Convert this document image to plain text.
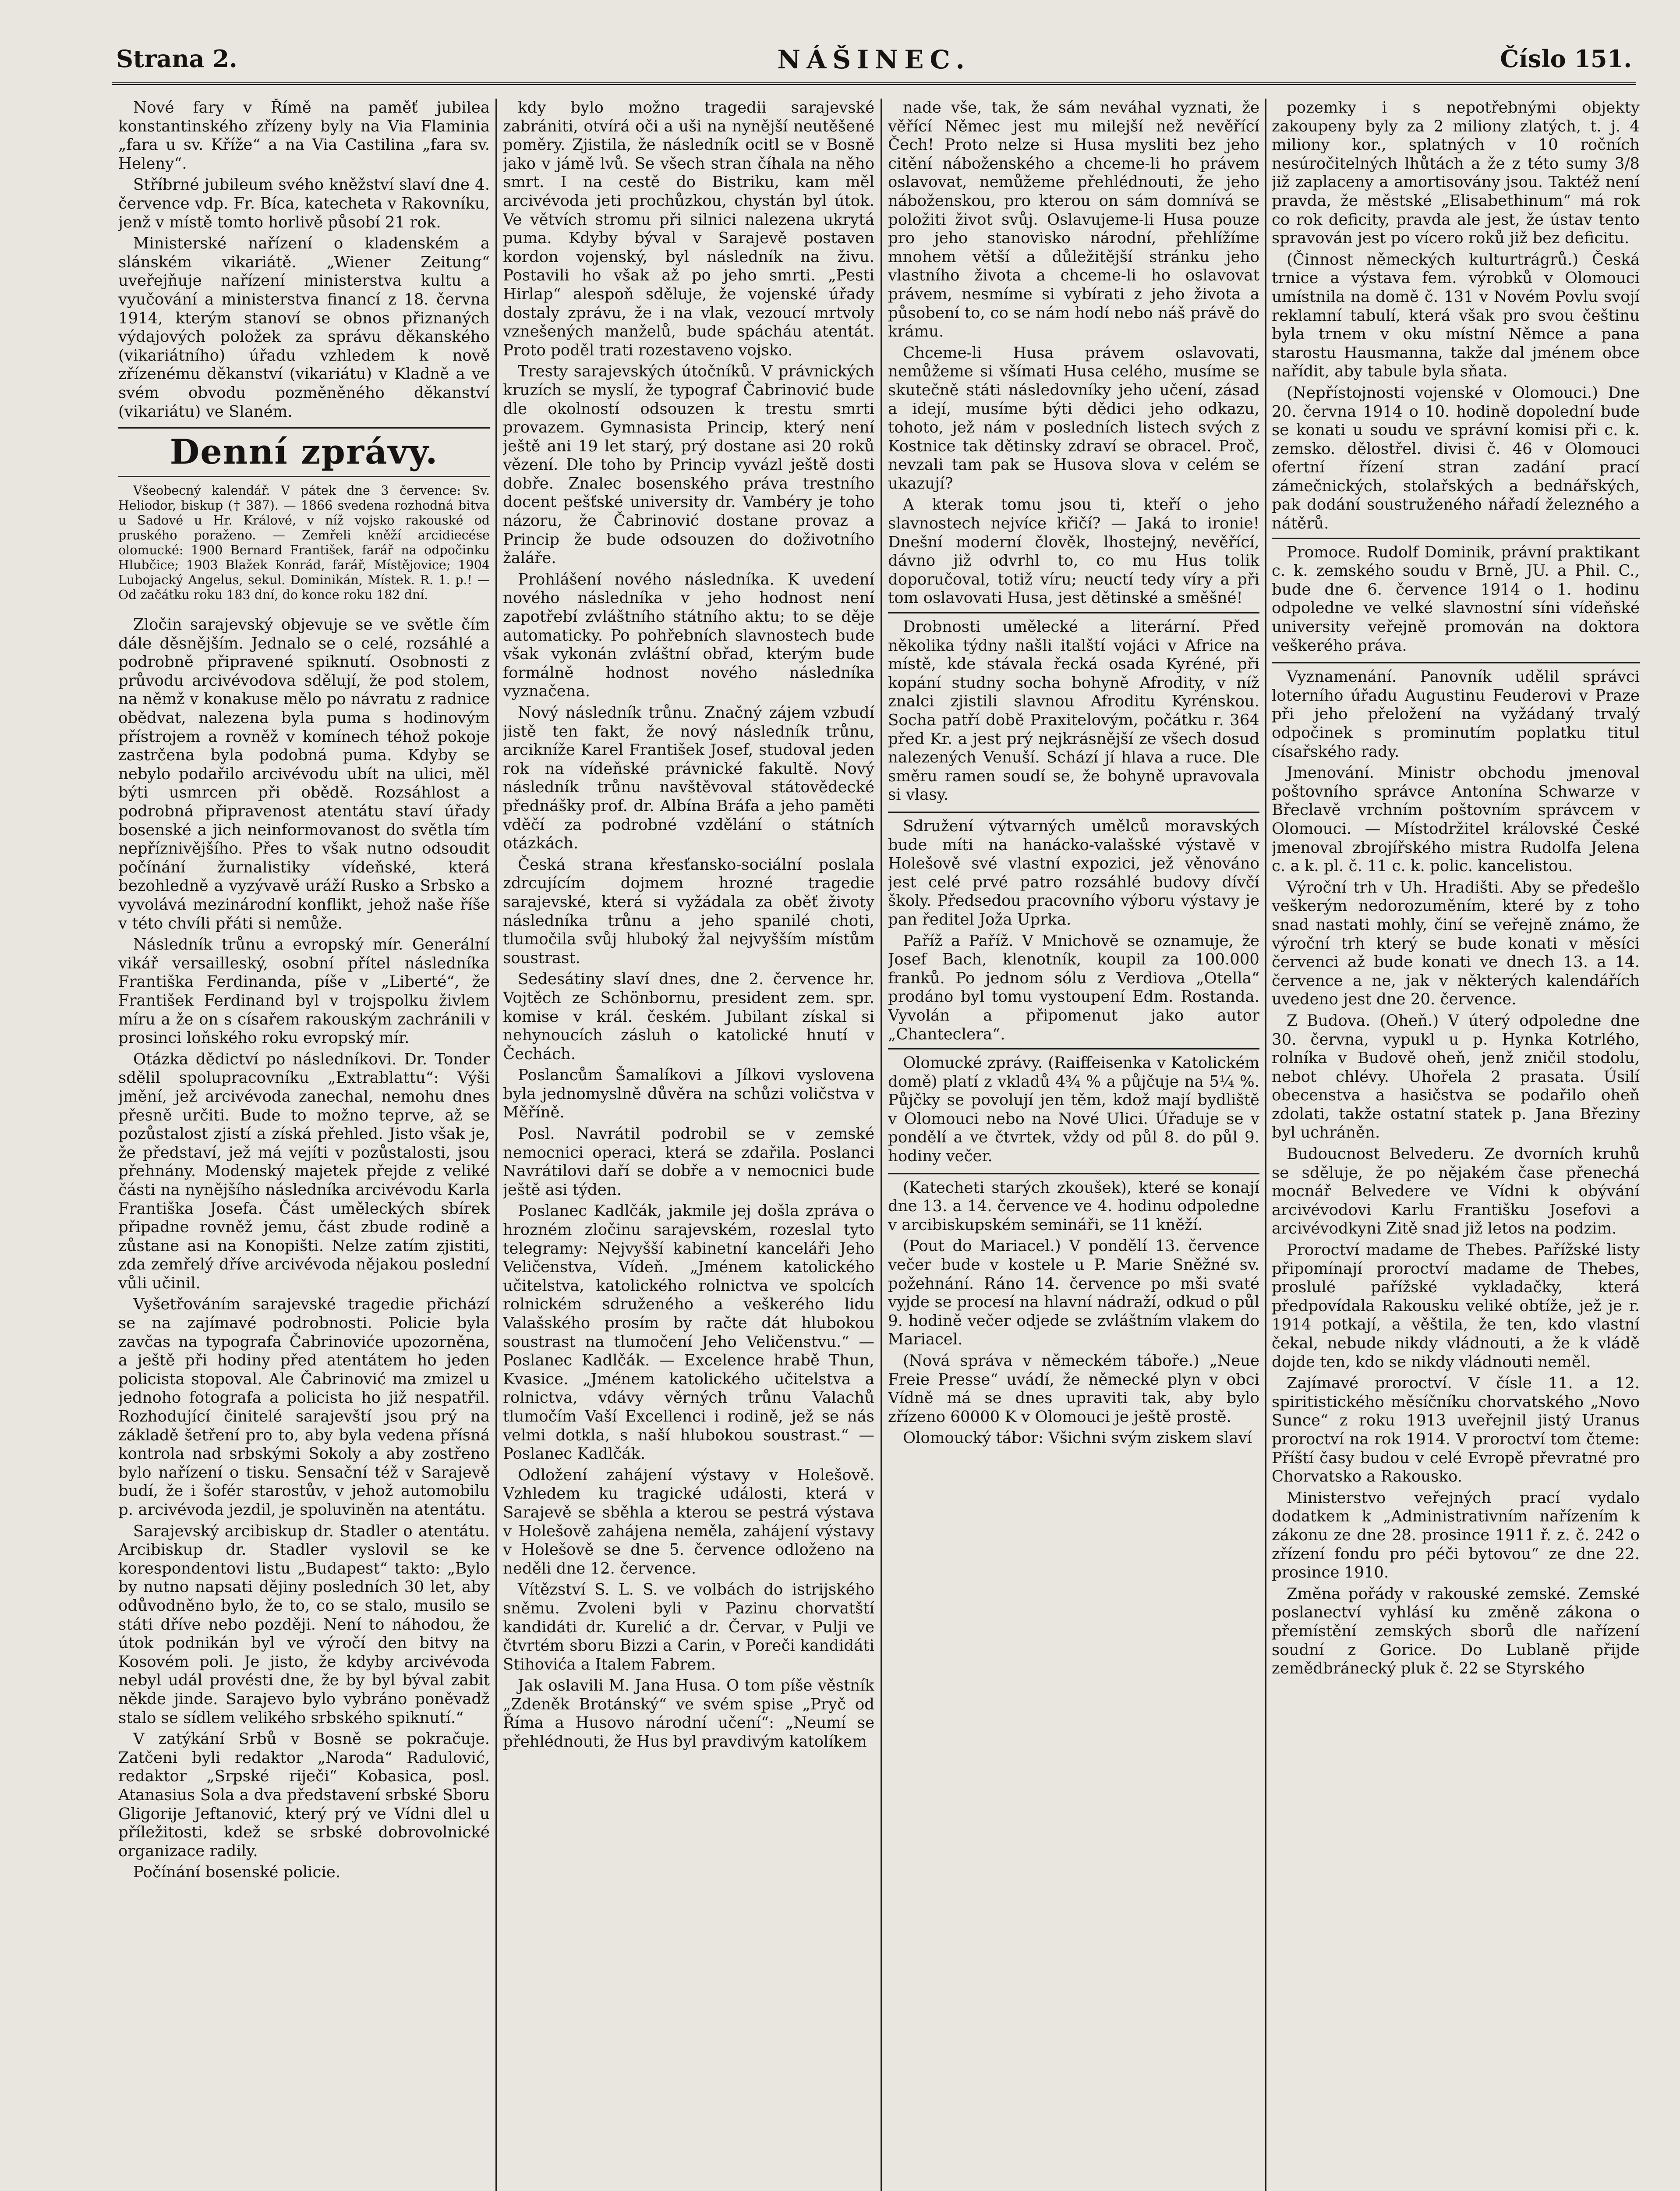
Strana 2.	NÁŠINEC.	Číslo 151.

Nové fary v Římě na paměť jubilea konstantinského zřízeny byly na Via Flaminia „fara u sv. Kříže“ a na Via Castilina „fara sv. Heleny“.

Stříbrné jubileum svého kněžství slaví dne 4. července vdp. Fr. Bíca, katecheta v Rakovníku, jenž v místě tomto horlivě působí 21 rok.

Ministerské nařízení o kladenském a slánském vikariátě. „Wiener Zeitung“ uveřejňuje nařízení ministerstva kultu a vyučování a ministerstva financí z 18. června 1914, kterým stanoví se obnos přiznaných výdajových položek za správu děkanského (vikariátního) úřadu vzhledem k nově zřízenému děkanství (vikariátu) v Kladně a ve svém obvodu pozměněného děkanství (vikariátu) ve Slaném.

Denní zprávy.

Všeobecný kalendář. V pátek dne 3 července: Sv. Heliodor, biskup († 387). — 1866 svedena rozhodná bitva u Sadové u Hr. Králové, v níž vojsko rakouské od pruského poraženo. — Zemřeli kněží arcidiecése olomucké: 1900 Bernard František, farář na odpočinku Hlubčice; 1903 Blažek Konrád, farář, Místějovice; 1904 Lubojacký Angelus, sekul. Dominikán, Místek. R. 1. p.! — Od začátku roku 183 dní, do konce roku 182 dní.

Zločin sarajevský objevuje se ve světle čím dále děsnějším. Jednalo se o celé, rozsáhlé a podrobně připravené spiknutí. Osobnosti z průvodu arcivévodova sdělují, že pod stolem, na němž v konakuse mělo po návratu z radnice obědvat, nalezena byla puma s hodinovým přístrojem a rovněž v komínech téhož pokoje zastrčena byla podobná puma. Kdyby se nebylo podařilo arcivévodu ubít na ulici, měl býti usmrcen při obědě. Rozsáhlost a podrobná připravenost atentátu staví úřady bosenské a jich neinformovanost do světla tím nepříznivějšího. Přes to však nutno odsoudit počínání žurnalistiky vídeňské, která bezohledně a vyzývavě uráží Rusko a Srbsko a vyvolává mezinárodní konflikt, jehož naše říše v této chvíli přáti si nemůže.

Následník trůnu a evropský mír. Generální vikář versailleský, osobní přítel následníka Františka Ferdinanda, píše v „Liberté“, že František Ferdinand byl v trojspolku živlem míru a že on s císařem rakouským zachránili v prosinci loňského roku evropský mír.

Otázka dědictví po následníkovi. Dr. Tonder sdělil spolupracovníku „Extrablattu“: Výši jmění, jež arcivévoda zanechal, nemohu dnes přesně určiti. Bude to možno teprve, až se pozůstalost zjistí a získá přehled. Jisto však je, že představí, jež má vejíti v pozůstalosti, jsou přehnány. Modenský majetek přejde z veliké části na nynějšího následníka arcivévodu Karla Františka Josefa. Část uměleckých sbírek připadne rovněž jemu, část zbude rodině a zůstane asi na Konopišti. Nelze zatím zjistiti, zda zemřelý dříve arcivévoda nějakou poslední vůli učinil.

Vyšetřováním sarajevské tragedie přichází se na zajímavé podrobnosti. Policie byla zavčas na typografa Čabrinoviće upozorněna, a ještě při hodiny před atentátem ho jeden policista stopoval. Ale Čabrinović ma zmizel u jednoho fotografa a policista ho již nespatřil. Rozhodující činitelé sarajevští jsou prý na základě šetření pro to, aby byla vedena přísná kontrola nad srbskými Sokoly a aby zostřeno bylo nařízení o tisku. Sensační též v Sarajevě budí, že i šofér starostův, v jehož automobilu p. arcivévoda jezdil, je spoluviněn na atentátu.

Sarajevský arcibiskup dr. Stadler o atentátu. Arcibiskup dr. Stadler vyslovil se ke korespondentovi listu „Budapest“ takto: „Bylo by nutno napsati dějiny posledních 30 let, aby odůvodněno bylo, že to, co se stalo, musilo se státi dříve nebo později. Není to náhodou, že útok podnikán byl ve výročí den bitvy na Kosovém poli. Je jisto, že kdyby arcivévoda nebyl udál provésti dne, že by byl býval zabit někde jinde. Sarajevo bylo vybráno poněvadž stalo se sídlem velikého srbského spiknutí.“

V zatýkání Srbů v Bosně se pokračuje. Zatčeni byli redaktor „Naroda“ Radulović, redaktor „Srpské riječi“ Kobasica, posl. Atanasius Sola a dva představení srbské Sboru Gligorije Jeftanović, který prý ve Vídni dlel u příležitosti, kdež se srbské dobrovolnické organizace radily.

Počínání bosenské policie.

kdy bylo možno tragedii sarajevské zabrániti, otvírá oči a uši na nynější neutěšené poměry. Zjistila, že následník ocitl se v Bosně jako v jámě lvů. Se všech stran číhala na něho smrt. I na cestě do Bistriku, kam měl arcivévoda jeti prochůzkou, chystán byl útok. Ve větvích stromu při silnici nalezena ukrytá puma. Kdyby býval v Sarajevě postaven kordon vojenský, byl následník na živu. Postavili ho však až po jeho smrti. „Pesti Hirlap“ alespoň sděluje, že vojenské úřady dostaly zprávu, že i na vlak, vezoucí mrtvoly vznešených manželů, bude spácháu atentát. Proto poděl trati rozestaveno vojsko.

Tresty sarajevských útočníků. V právnických kruzích se myslí, že typograf Čabrinović bude dle okolností odsouzen k trestu smrti provazem. Gymnasista Princip, který není ještě ani 19 let starý, prý dostane asi 20 roků vězení. Dle toho by Princip vyvázl ještě dosti dobře. Znalec bosenského práva trestního docent pešťské university dr. Vambéry je toho názoru, že Čabrinović dostane provaz a Princip že bude odsouzen do doživotního žaláře.

Prohlášení nového následníka. K uvedení nového následníka v jeho hodnost není zapotřebí zvláštního státního aktu; to se děje automaticky. Po pohřebních slavnostech bude však vykonán zvláštní obřad, kterým bude formálně hodnost nového následníka vyznačena.

Nový následník trůnu. Značný zájem vzbudí jistě ten fakt, že nový následník trůnu, arcikníže Karel František Josef, studoval jeden rok na vídeňské právnické fakultě. Nový následník trůnu navštěvoval státovědecké přednášky prof. dr. Albína Bráfa a jeho paměti vděčí za podrobné vzdělání o státních otázkách.

Česká strana křesťansko-sociální poslala zdrcujícím dojmem hrozné tragedie sarajevské, která si vyžádala za oběť životy následníka trůnu a jeho spanilé choti, tlumočila svůj hluboký žal nejvyšším místům soustrast.

Sedesátiny slaví dnes, dne 2. července hr. Vojtěch ze Schönbornu, president zem. spr. komise v král. českém. Jubilant získal si nehynoucích zásluh o katolické hnutí v Čechách.

Poslancům Šamalíkovi a Jílkovi vyslovena byla jednomyslně důvěra na schůzi voličstva v Měříně.

Posl. Navrátil podrobil se v zemské nemocnici operaci, která se zdařila. Poslanci Navrátilovi daří se dobře a v nemocnici bude ještě asi týden.

Poslanec Kadlčák, jakmile jej došla zpráva o hrozném zločinu sarajevském, rozeslal tyto telegramy: Nejvyšší kabinetní kanceláři Jeho Veličenstva, Vídeň. „Jménem katolického učitelstva, katolického rolnictva ve spolcích rolnickém sdruženého a veškerého lidu Valašského prosím by račte dát hlubokou soustrast na tlumočení Jeho Veličenstvu.“ — Poslanec Kadlčák. — Excelence hrabě Thun, Kvasice. „Jménem katolického učitelstva a rolnictva, vdávy věrných trůnu Valachů tlumočím Vaší Excellenci i rodině, jež se nás velmi dotkla, s naší hlubokou soustrast.“ — Poslanec Kadlčák.

Odložení zahájení výstavy v Holešově. Vzhledem ku tragické události, která v Sarajevě se sběhla a kterou se pestrá výstava v Holešově zahájena neměla, zahájení výstavy v Holešově se dne 5. července odloženo na neděli dne 12. července.

Vítězství S. L. S. ve volbách do istrijského sněmu. Zvoleni byli v Pazinu chorvatští kandidáti dr. Kurelić a dr. Červar, v Pulji ve čtvrtém sboru Bizzi a Carin, v Poreči kandidáti Stihovića a Italem Fabrem.

Jak oslavili M. Jana Husa. O tom píše věstník „Zdeněk Brotánský“ ve svém spise „Pryč od Říma a Husovo národní učení“: „Neumí se přehlédnouti, že Hus byl pravdivým katolíkem

nade vše, tak, že sám neváhal vyznati, že věřící Němec jest mu milejší než nevěřící Čech! Proto nelze si Husa mysliti bez jeho citění náboženského a chceme-li ho právem oslavovat, nemůžeme přehlédnouti, že jeho náboženskou, pro kterou on sám domnívá se položiti život svůj. Oslavujeme-li Husa pouze pro jeho stanovisko národní, přehlížíme mnohem větší a důležitější stránku jeho vlastního života a chceme-li ho oslavovat právem, nesmíme si vybírati z jeho života a působení to, co se nám hodí nebo náš právě do krámu.

Chceme-li Husa právem oslavovati, nemůžeme si všímati Husa celého, musíme se skutečně státi následovníky jeho učení, zásad a idejí, musíme býti dědici jeho odkazu, tohoto, jež nám v posledních listech svých z Kostnice tak dětinsky zdraví se obracel. Proč, nevzali tam pak se Husova slova v celém se ukazují?

A kterak tomu jsou ti, kteří o jeho slavnostech nejvíce křičí? — Jaká to ironie! Dnešní moderní člověk, lhostejný, nevěřící, dávno již odvrhl to, co mu Hus tolik doporučoval, totiž víru; neuctí tedy víry a při tom oslavovati Husa, jest dětinské a směšné!

Drobnosti umělecké a literární. Před několika týdny našli italští vojáci v Africe na místě, kde stávala řecká osada Kyréné, při kopání studny socha bohyně Afrodity, v níž znalci zjistili slavnou Afroditu Kyrénskou. Socha patří době Praxitelovým, počátku r. 364 před Kr. a jest prý nejkrásnější ze všech dosud nalezených Venuší. Schází jí hlava a ruce. Dle směru ramen soudí se, že bohyně upravovala si vlasy.

Sdružení výtvarných umělců moravských bude míti na hanácko-valašské výstavě v Holešově své vlastní expozici, jež věnováno jest celé prvé patro rozsáhlé budovy dívčí školy. Předsedou pracovního výboru výstavy je pan ředitel Joža Uprka.

Paříž a Paříž. V Mnichově se oznamuje, že Josef Bach, klenotník, koupil za 100.000 franků. Po jednom sólu z Verdiova „Otella“ prodáno byl tomu vystoupení Edm. Rostanda. Vyvolán a připomenut jako autor „Chanteclera“.

Olomucké zprávy. (Raiffeisenka v Katolickém domě) platí z vkladů 4¾ % a půjčuje na 5¼ %. Půjčky se povolují jen těm, kdož mají bydliště v Olomouci nebo na Nové Ulici. Úřaduje se v pondělí a ve čtvrtek, vždy od půl 8. do půl 9. hodiny večer.

(Katecheti starých zkoušek), které se konají dne 13. a 14. července ve 4. hodinu odpoledne v arcibiskupském semináři, se 11 kněží.

(Pout do Mariacel.) V pondělí 13. července večer bude v kostele u P. Marie Sněžné sv. požehnání. Ráno 14. července po mši svaté vyjde se procesí na hlavní nádraží, odkud o půl 9. hodině večer odjede se zvláštním vlakem do Mariacel.

(Nová správa v německém táboře.) „Neue Freie Presse“ uvádí, že německé plyn v obci Vídně má se dnes upraviti tak, aby bylo zřízeno 60000 K v Olomouci je ještě prostě.

Olomoucký tábor: Všichni svým ziskem slaví

pozemky i s nepotřebnými objekty zakoupeny byly za 2 miliony zlatých, t. j. 4 miliony kor., splatných v 10 ročních nesúročitelných lhůtách a že z této sumy 3/8 již zaplaceny a amortisovány jsou. Taktéž není pravda, že městské „Elisabethinum“ má rok co rok deficity, pravda ale jest, že ústav tento spravován jest po vícero roků již bez deficitu.

(Činnost německých kulturtrágrů.) Česká trnice a výstava fem. výrobků v Olomouci umístnila na domě č. 131 v Novém Povlu svojí reklamní tabulí, která však pro svou češtinu byla trnem v oku místní Němce a pana starostu Hausmanna, takže dal jménem obce nařídit, aby tabule byla sňata.

(Nepřístojnosti vojenské v Olomouci.) Dne 20. června 1914 o 10. hodině dopolední bude se konati u soudu ve správní komisi při c. k. zemsko. dělostřel. divisi č. 46 v Olomouci ofertní řízení stran zadání prací zámečnických, stolařských a bednářských, pak dodání soustruženého nářadí železného a nátěrů.

Promoce. Rudolf Dominik, právní praktikant c. k. zemského soudu v Brně, JU. a Phil. C., bude dne 6. července 1914 o 1. hodinu odpoledne ve velké slavnostní síni vídeňské university veřejně promován na doktora veškerého práva.

Vyznamenání. Panovník udělil správci loterního úřadu Augustinu Feuderovi v Praze při jeho přeložení na vyžádaný trvalý odpočinek s prominutím poplatku titul císařského rady.

Jmenování. Ministr obchodu jmenoval poštovního správce Antonína Schwarze v Břeclavě vrchním poštovním správcem v Olomouci. — Místodržitel královské České jmenoval zbrojířského mistra Rudolfa Jelena c. a k. pl. č. 11 c. k. polic. kancelistou.

Výroční trh v Uh. Hradišti. Aby se předešlo veškerým nedorozuměním, které by z toho snad nastati mohly, činí se veřejně známo, že výroční trh který se bude konati v měsíci červenci až bude konati ve dnech 13. a 14. července a ne, jak v některých kalendářích uvedeno jest dne 20. července.

Z Budova. (Oheň.) V úterý odpoledne dne 30. června, vypukl u p. Hynka Kotrlého, rolníka v Budově oheň, jenž zničil stodolu, nebot chlévy. Uhořela 2 prasata. Úsilí obecenstva a hasičstva se podařilo oheň zdolati, takže ostatní statek p. Jana Březiny byl uchráněn.

Budoucnost Belvederu. Ze dvorních kruhů se sděluje, že po nějakém čase přenechá mocnář Belvedere ve Vídni k obývání arcivévodovi Karlu Františku Josefovi a arcivévodkyni Zitě snad již letos na podzim.

Proroctví madame de Thebes. Pařížské listy připomínají proroctví madame de Thebes, proslulé pařížské vykladačky, která předpovídala Rakousku veliké obtíže, jež je r. 1914 potkají, a věštila, že ten, kdo vlastní čekal, nebude nikdy vládnouti, a že k vládě dojde ten, kdo se nikdy vládnouti neměl.

Zajímavé proroctví. V čísle 11. a 12. spiritistického měsíčníku chorvatského „Novo Sunce“ z roku 1913 uveřejnil jistý Uranus proroctví na rok 1914. V proroctví tom čteme: Příští časy budou v celé Evropě převratné pro Chorvatsko a Rakousko.

Ministerstvo veřejných prací vydalo dodatkem k „Administrativním nařízením k zákonu ze dne 28. prosince 1911 ř. z. č. 242 o zřízení fondu pro péči bytovou“ ze dne 22. prosince 1910.

Změna pořády v rakouské zemské. Zemské poslanectví vyhlásí ku změně zákona o přemístění zemských sborů dle nařízení soudní z Gorice. Do Lublaně přijde zemědbránecký pluk č. 22 se Styrského
